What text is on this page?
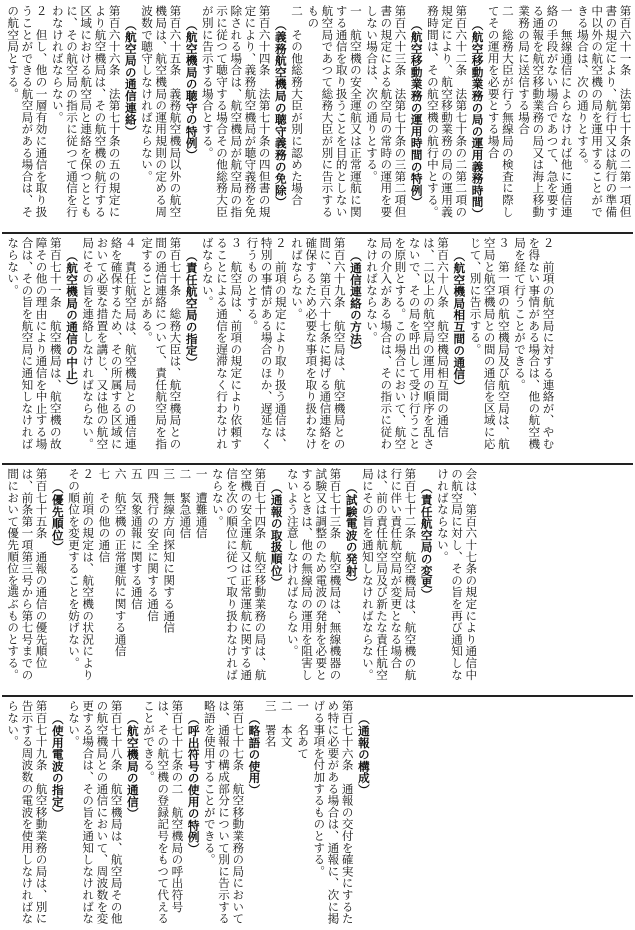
第百六十一条　法第七十条の二第一項但書の規定により、航行中又は航行の準備中以外の航空機の局を運用することができる場合は、次の通りとする。

一　無線通信によらなければ他に通信連絡の手段がない場合であつて、急を要する通報を航空移動業務の局又は海上移動業務の局に送信する場合

二　総務大臣が行う無線局の検査に際してその運用を必要とする場合

（航空移動業務の局の運用義務時間）

第百六十二条　法第七十条の二第二項の規定により、航空移動業務の局の運用義務時間は、その航空機の航行中とする。

（航空移動業務の運用時間の特例）

第百六十三条　法第七十条の三第二項但書の規定による航空局の常時の運用を要しない場合は、次の通りとする。

一　航空機の安全運航又は正常運航に関する通信を取り扱うことを目的としない航空局であつて総務大臣が別に告示するもの

二　その他総務大臣が別に認めた場合

（義務航空機局の聴守義務の免除）

第百六十四条　法第七十条の四但書の規定により、義務航空機局が聴守義務を免除される場合は、航空機局が航空局の指示に従つて聴守する場合その他総務大臣が別に告示する場合とする。

（航空機局の聴守の特例）

第百六十五条　義務航空機局以外の航空機局は、航空機局の運用規則の定める周波数で聴守しなければならない。

（航空局の通信連絡）

第百六十六条　法第七十条の五の規定により航空機局は、その航空機の航行する区域における航空局と連絡を保つとともに、その航空局の指示に従つて通信を行わなければならない。

２　但し、他の一層有効に通信を取り扱うことができる航空局がある場合は、その航空局とする。

２　前項の航空局に対する連絡が、やむを得ない事情がある場合は、他の航空機局を経て行うことができる。

３　第一項の航空機局及び航空局は、航空局と航空機局との間の通信を区域に応じて、別に告示する。

（航空機局相互間の通信）

第百六十八条　航空機局相互間の通信は、二以上の航空局の運用の順序を乱さないで、その局を呼出して受け行うことを原則とする。この場合において、航空局の介入がある場合は、その指示に従わなければならない。

（通信連絡の方法）

第百六十九条　航空局は、航空機局との間に、第百六十七条に掲げる通信連絡を確保するため必要な事項を取り扱わなければならない。

２　前項の規定により取り扱う通信は、特別の事情がある場合のほか、遅延なく行うものとする。

３　航空局は、前項の規定により依頼することによる通信を遅滞なく行わなければならない。

（責任航空局の指定）

第百七十条　総務大臣は、航空機局との間の通信連絡について、責任航空局を指定することがある。

４　責任航空局は、航空機局との通信連絡を確保するため、その所属する区域において必要な措置を講じ、又は他の航空局にその旨を連絡しなければならない。

（航空機局の通信の中止）

第百七十一条　航空機局は、航空機の故障その他の理由により通信を中止する場合は、その旨を航空局に通知しなければならない。

会は、第百六十七条の規定により通信中の航空局に対し、その旨を再び通知しなければならない。

（責任航空局の変更）

第百七十二条　航空機局は、航空機の航行に伴い責任航空局が変更となる場合は、前の責任航空局及び新たな責任航空局にその旨を通知しなければならない。

（試験電波の発射）

第百七十三条　航空機局は、無線機器の試験又は調整のため電波の発射を必要とするときは、他の無線局の運用を阻害しないよう注意しなければならない。

（通報の取扱順位）

第百七十四条　航空移動業務の局は、航空機の安全運航又は正常運航に関する通信を次の順位に従つて取り扱わなければならない。

一　遭難通信

二　緊急通信

三　無線方向探知に関する通信

四　飛行の安全に関する通信

五　気象通報に関する通信

六　航空機の正常運航に関する通信

七　その他の通信

２　前項の規定は、航空機の状況によりその順位を変更することを妨げない。

（優先順位）

第百七十五条　通報の通信の優先順位は、前条第一項第三号から第七号までの間において優先順位を選ぶものとする。

（通報の構成）

第百七十六条　通報の交付を確実にするため特に必要がある場合は、通報に、次に掲げる事項を付加するものとする。

一　名あて

二　本文

三　署名

（略語の使用）

第百七十七条　航空移動業務の局においては、通報の構成部分について別に告示する略語を使用することができる。

（呼出符号の使用の特例）

第百七十七条の二　航空機局の呼出符号は、その航空機の登録記号をもつて代えることができる。

（航空機局の通信）

第百七十八条　航空機局は、航空局その他の航空機局との通信において、周波数を変更する場合は、その旨を通知しなければならない。

（使用電波の指定）

第百七十九条　航空移動業務の局は、別に告示する周波数の電波を使用しなければならない。
